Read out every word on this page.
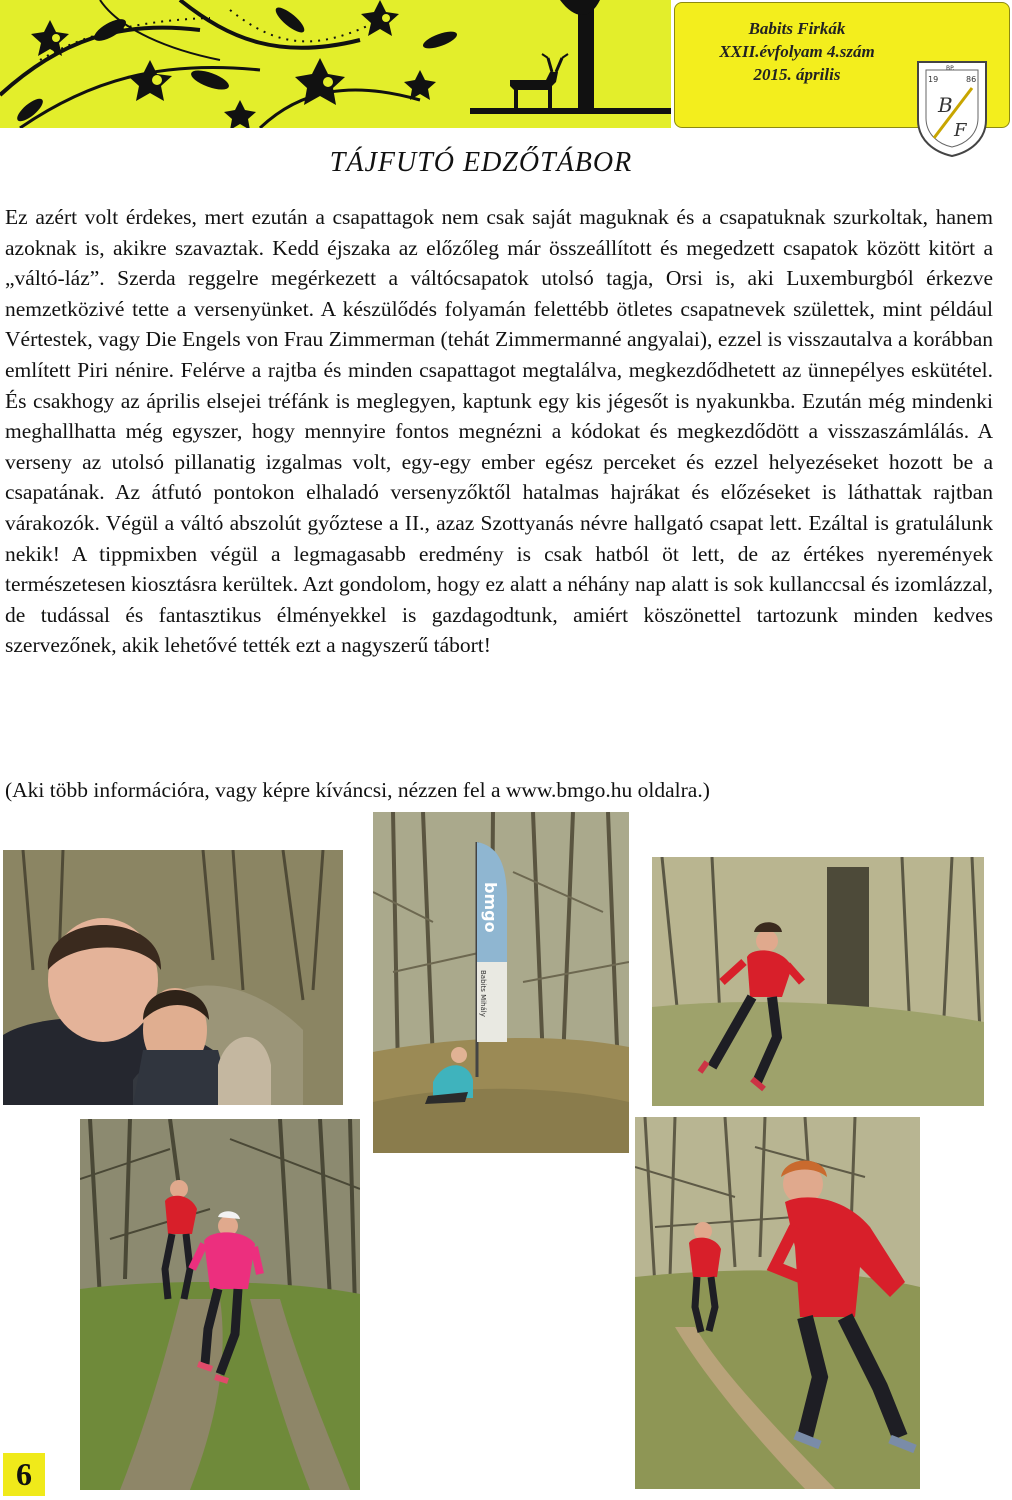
Babits Firkák
XXII.évfolyam 4.szám
2015. április	19	86
BP.
B
F
TÁJFUTÓ EDZŐTÁBOR

Ez azért volt érdekes, mert ezután a csapattagok nem csak saját maguknak és a csapatuknak szurkoltak, hanem azoknak is, akikre szavaztak. Kedd éjszaka az előzőleg már összeállított és megedzett csapatok között kitört a „váltó-láz”. Szerda reggelre megérkezett a váltócsapatok utolsó tagja, Orsi is, aki Luxemburgból érkezve nemzetközivé tette a versenyünket. A készülődés folyamán felettébb ötletes csapatnevek születtek, mint például Vértestek, vagy Die Engels von Frau Zimmerman (tehát Zimmermanné angyalai), ezzel is visszautalva a korábban említett Piri nénire. Felérve a rajtba és minden csapattagot megtalálva, megkezdődhetett az ünnepélyes eskütétel. És csakhogy az április elsejei tréfánk is meglegyen, kaptunk egy kis jégesőt is nyakunkba. Ezután még mindenki meghallhatta még egyszer, hogy mennyire fontos megnézni a kódokat és megkezdődött a visszaszámlálás. A verseny az utolsó pillanatig izgalmas volt, egy-egy ember egész perceket és ezzel helyezéseket hozott be a csapatának. Az átfutó pontokon elhaladó versenyzőktől hatalmas hajrákat és előzéseket is láthattak rajtban várakozók. Végül a váltó abszolút győztese a II., azaz Szottyanás névre hallgató csapat lett. Ezáltal is gratulálunk nekik! A tippmixben végül a legmagasabb eredmény is csak hatból öt lett, de az értékes nyeremények természetesen kiosztásra kerültek. Azt gondolom, hogy ez alatt a néhány nap alatt is sok kullanccsal és izomlázzal, de tudással és fantasztikus élményekkel is gazdagodtunk, amiért köszönettel tartozunk minden kedves szervezőnek, akik lehetővé tették ezt a nagyszerű tábort!

(Aki több információra, vagy képre kíváncsi, nézzen fel a www.bmgo.hu oldalra.)
bmgo
Babits Mihály
6
